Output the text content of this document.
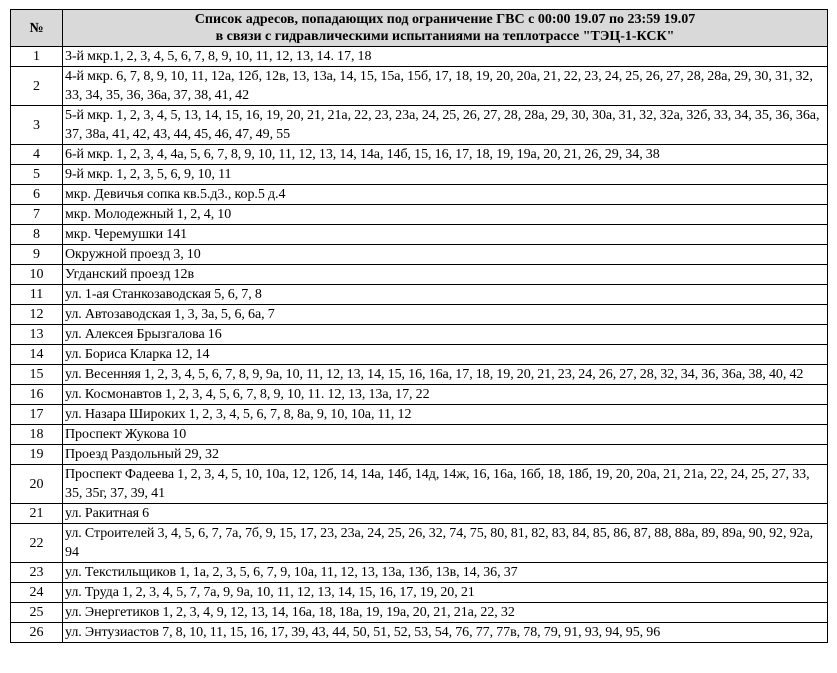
№	Список адресов, попадающих под ограничение ГВС с 00:00 19.07 по 23:59 19.07
в связи с гидравлическими испытаниями на теплотрассе "ТЭЦ-1-КСК"

1	3-й мкр.1, 2, 3, 4, 5, 6, 7, 8, 9, 10, 11, 12, 13, 14. 17, 18
2	4-й мкр. 6, 7, 8, 9, 10, 11, 12а, 12б, 12в, 13, 13а, 14, 15, 15а, 15б, 17, 18, 19, 20, 20а, 21, 22, 23, 24, 25, 26, 27, 28, 28а, 29, 30, 31, 32, 33, 34, 35, 36, 36а, 37, 38, 41, 42
3	5-й мкр. 1, 2, 3, 4, 5, 13, 14, 15, 16, 19, 20, 21, 21а, 22, 23, 23а, 24, 25, 26, 27, 28, 28а, 29, 30, 30а, 31, 32, 32а, 32б, 33, 34, 35, 36, 36а, 37, 38а, 41, 42, 43, 44, 45, 46, 47, 49, 55
4	6-й мкр. 1, 2, 3, 4, 4а, 5, 6, 7, 8, 9, 10, 11, 12, 13, 14, 14а, 14б, 15, 16, 17, 18, 19, 19а, 20, 21, 26, 29, 34, 38
5	9-й мкр. 1, 2, 3, 5, 6, 9, 10, 11
6	мкр. Девичья сопка кв.5.д3., кор.5 д.4
7	мкр. Молодежный 1, 2, 4, 10
8	мкр. Черемушки 141
9	Окружной проезд 3, 10
10	Угданский проезд 12в
11	ул. 1-ая Станкозаводская 5, 6, 7, 8
12	ул. Автозаводская 1, 3, 3а, 5, 6, 6а, 7
13	ул. Алексея Брызгалова 16
14	ул. Бориса Кларка 12, 14
15	ул. Весенняя 1, 2, 3, 4, 5, 6, 7, 8, 9, 9а, 10, 11, 12, 13, 14, 15, 16, 16а, 17, 18, 19, 20, 21, 23, 24, 26, 27, 28, 32, 34, 36, 36а, 38, 40, 42
16	ул. Космонавтов 1, 2, 3, 4, 5, 6, 7, 8, 9, 10, 11. 12, 13, 13а, 17, 22
17	ул. Назара Широких 1, 2, 3, 4, 5, 6, 7, 8, 8а, 9, 10, 10а, 11, 12
18	Проспект Жукова 10
19	Проезд Раздольный 29, 32
20	Проспект Фадеева 1, 2, 3, 4, 5, 10, 10а, 12, 12б, 14, 14а, 14б, 14д, 14ж, 16, 16а, 16б, 18, 18б, 19, 20, 20а, 21, 21а, 22, 24, 25, 27, 33, 35, 35г, 37, 39, 41
21	ул. Ракитная 6
22	ул. Строителей 3, 4, 5, 6, 7, 7а, 7б, 9, 15, 17, 23, 23а, 24, 25, 26, 32, 74, 75, 80, 81, 82, 83, 84, 85, 86, 87, 88, 88а, 89, 89а, 90, 92, 92а, 94
23	ул. Текстильщиков 1, 1а, 2, 3, 5, 6, 7, 9, 10а, 11, 12, 13, 13а, 13б, 13в, 14, 36, 37
24	ул. Труда 1, 2, 3, 4, 5, 7, 7а, 9, 9а, 10, 11, 12, 13, 14, 15, 16, 17, 19, 20, 21
25	ул. Энергетиков 1, 2, 3, 4, 9, 12, 13, 14, 16а, 18, 18а, 19, 19а, 20, 21, 21а, 22, 32
26	ул. Энтузиастов 7, 8, 10, 11, 15, 16, 17, 39, 43, 44, 50, 51, 52, 53, 54, 76, 77, 77в, 78, 79, 91, 93, 94, 95, 96
